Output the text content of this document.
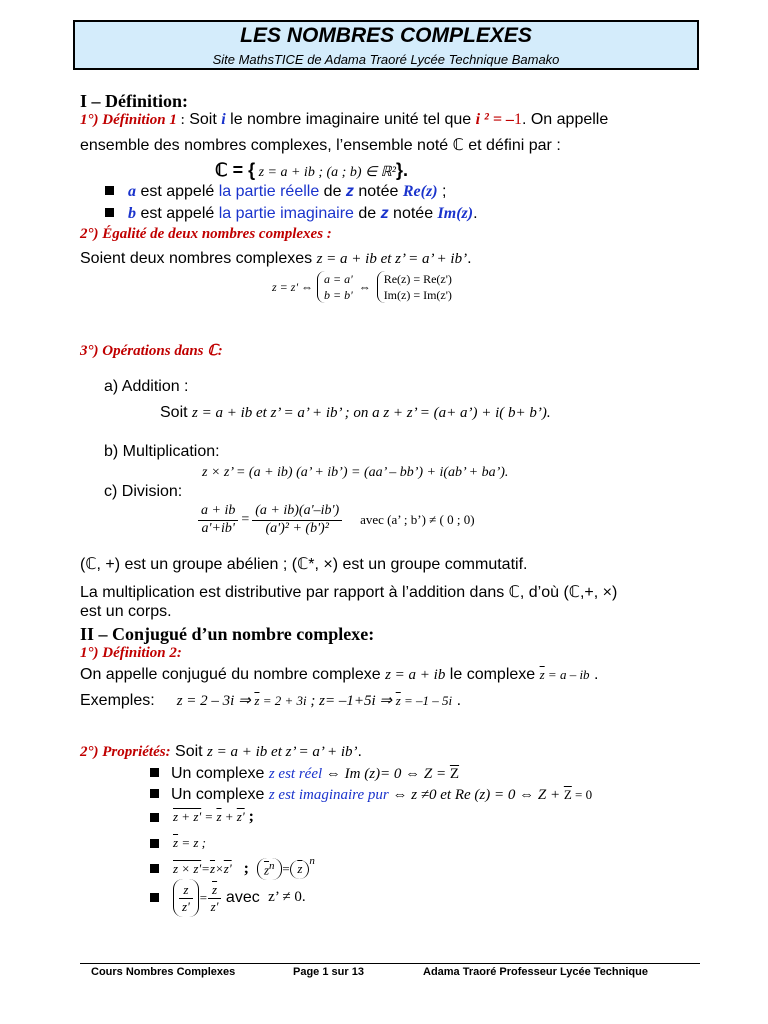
LES NOMBRES COMPLEXES
Site MathsTICE de Adama Traoré Lycée Technique Bamako
I – Définition:
1°) Définition 1 : Soit i le nombre imaginaire unité tel que i ² = –1. On appelle
ensemble des nombres complexes, l’ensemble noté ℂ et défini par :
ℂ = { z = a + ib ; (a ; b) ∈ ℝ²}.
a est appelé la partie réelle de z notée Re(z) ;
b est appelé la partie imaginaire de z notée Im(z).
2°) Égalité de deux nombres complexes :
Soient deux nombres complexes z = a + ib et z’ = a’ + ib’.
z = z' ⇔
a = a'
b = b'
⇔
Re(z) = Re(z')
Im(z) = Im(z')
3°) Opérations dans ℂ:
a) Addition :
Soit z = a + ib et z’ = a’ + ib’ ; on a z + z’ = (a+ a’) + i( b+ b’).
b) Multiplication:
z × z’ = (a + ib) (a’ + ib’) = (aa’ – bb’) + i(ab’ + ba’).
c) Division:
$\frac{a + ib}{a'+ib'} = \frac{(a + ib)(a'-ib')}{\text{(a')² + (b')²}}$ avec (a’ ; b’) ≠ ( 0 ; 0)
(ℂ, +) est un groupe abélien ; (ℂ*, ×) est un groupe commutatif.
La multiplication est distributive par rapport à l’addition dans ℂ, d’où (ℂ,+, ×)
est un corps.
II – Conjugué d’un nombre complexe:
1°) Définition 2:
On appelle conjugué du nombre complexe z = a + ib le complexe $\overline{z} = a$ – ib .
Exemples: z = 2 – 3i ⇒ $\overline{z} = 2 + 3i$ ; z= –1+5i ⇒ $\overline{z} = -1 - 5i$ .
2°) Propriétés: Soit z = a + ib et z’ = a’ + ib’.
Un complexe z est réel ⇔ Im (z)= 0 ⇔ $Z = \overline{Z}$
Un complexe z est imaginaire pur ⇔ z ≠0 et Re (z) = 0 ⇔ $Z + \overline{Z} = 0$
$z + z' = \overline{z} + z'$ ;
$\overline{z} = z$ ;
$z \times z' = \overline{z} \times z'$ ; $\overline{z}^n = \overline{z}$ $^n$
$\frac{z}{z'} = \frac{\overline{z}}{z'}$ avec z’ ≠ 0.
Cours Nombres Complexes	Page 1 sur 13	Adama Traoré Professeur Lycée Technique
